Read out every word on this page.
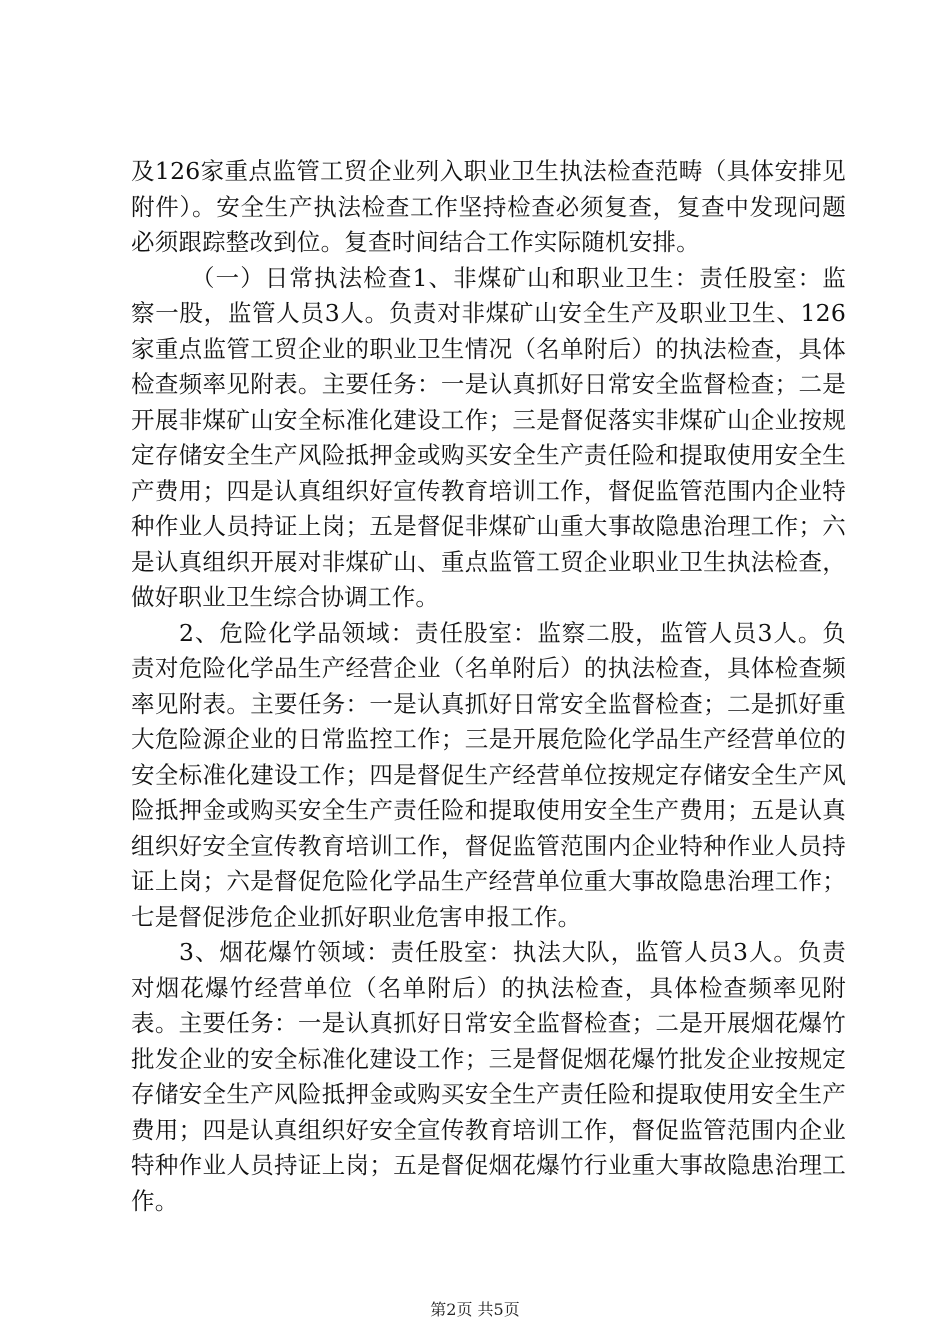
及126家重点监管工贸企业列入职业卫生执法检查范畴（具体安排见附件）。安全生产执法检查工作坚持检查必须复查，复查中发现问题必须跟踪整改到位。复查时间结合工作实际随机安排。

（一）日常执法检查1、非煤矿山和职业卫生：责任股室：监察一股，监管人员3人。负责对非煤矿山安全生产及职业卫生、126家重点监管工贸企业的职业卫生情况（名单附后）的执法检查，具体检查频率见附表。主要任务：一是认真抓好日常安全监督检查；二是开展非煤矿山安全标准化建设工作；三是督促落实非煤矿山企业按规定存储安全生产风险抵押金或购买安全生产责任险和提取使用安全生产费用；四是认真组织好宣传教育培训工作，督促监管范围内企业特种作业人员持证上岗；五是督促非煤矿山重大事故隐患治理工作；六是认真组织开展对非煤矿山、重点监管工贸企业职业卫生执法检查，做好职业卫生综合协调工作。

2、危险化学品领域：责任股室：监察二股，监管人员3人。负责对危险化学品生产经营企业（名单附后）的执法检查，具体检查频率见附表。主要任务：一是认真抓好日常安全监督检查；二是抓好重大危险源企业的日常监控工作；三是开展危险化学品生产经营单位的安全标准化建设工作；四是督促生产经营单位按规定存储安全生产风险抵押金或购买安全生产责任险和提取使用安全生产费用；五是认真组织好安全宣传教育培训工作，督促监管范围内企业特种作业人员持证上岗；六是督促危险化学品生产经营单位重大事故隐患治理工作；七是督促涉危企业抓好职业危害申报工作。

3、烟花爆竹领域：责任股室：执法大队，监管人员3人。负责对烟花爆竹经营单位（名单附后）的执法检查，具体检查频率见附表。主要任务：一是认真抓好日常安全监督检查；二是开展烟花爆竹批发企业的安全标准化建设工作；三是督促烟花爆竹批发企业按规定存储安全生产风险抵押金或购买安全生产责任险和提取使用安全生产费用；四是认真组织好安全宣传教育培训工作，督促监管范围内企业特种作业人员持证上岗；五是督促烟花爆竹行业重大事故隐患治理工作。

第2页 共5页
